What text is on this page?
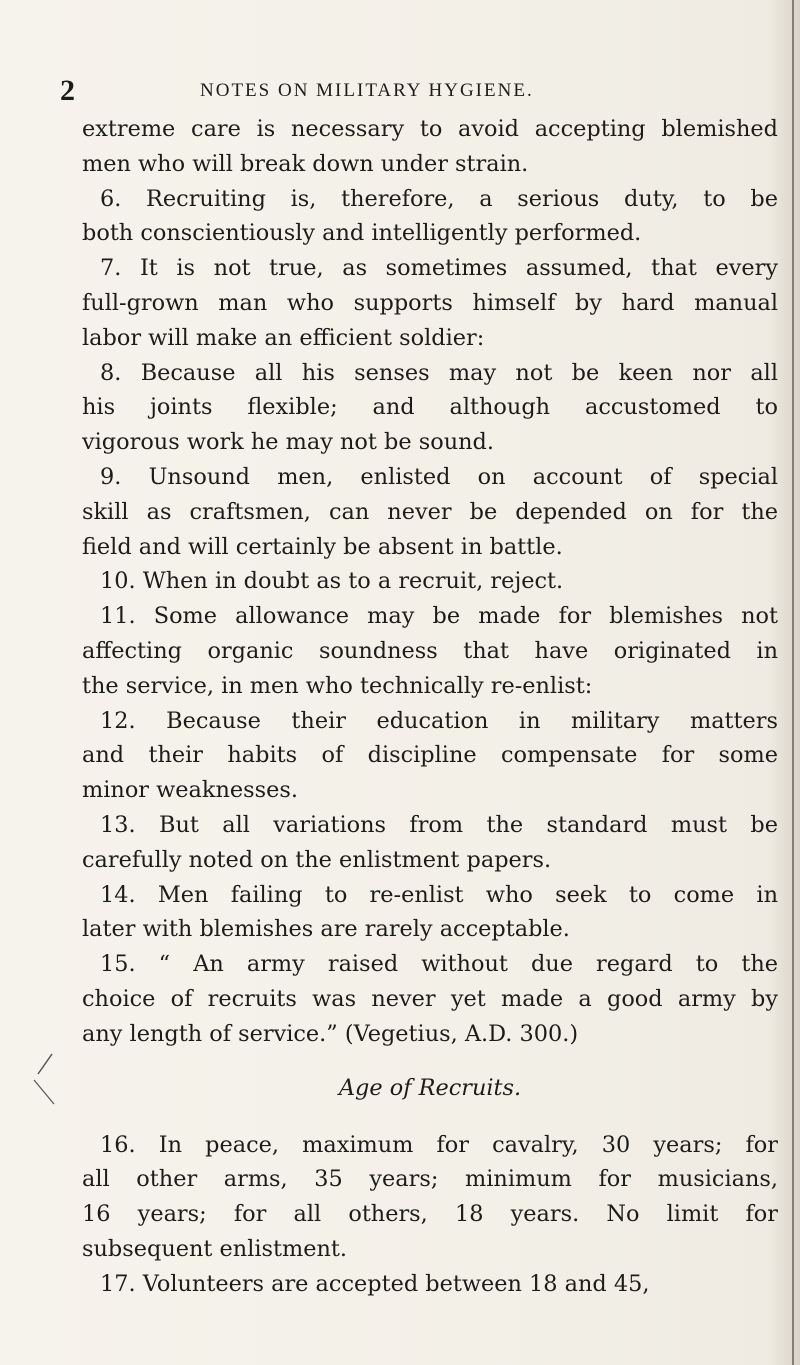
2	NOTES ON MILITARY HYGIENE.
extreme care is necessary to avoid accepting blemished
men who will break down under strain.
6. Recruiting is, therefore, a serious duty, to be
both conscientiously and intelligently performed.
7. It is not true, as sometimes assumed, that every
full-grown man who supports himself by hard manual
labor will make an efficient soldier:
8. Because all his senses may not be keen nor all
his joints flexible; and although accustomed to
vigorous work he may not be sound.
9. Unsound men, enlisted on account of special
skill as craftsmen, can never be depended on for the
field and will certainly be absent in battle.
10. When in doubt as to a recruit, reject.
11. Some allowance may be made for blemishes not
affecting organic soundness that have originated in
the service, in men who technically re-enlist:
12. Because their education in military matters
and their habits of discipline compensate for some
minor weaknesses.
13. But all variations from the standard must be
carefully noted on the enlistment papers.
14. Men failing to re-enlist who seek to come in
later with blemishes are rarely acceptable.
15. “ An army raised without due regard to the
choice of recruits was never yet made a good army by
any length of service.” (Vegetius, A.D. 300.)
Age of Recruits.
16. In peace, maximum for cavalry, 30 years; for
all other arms, 35 years; minimum for musicians,
16 years; for all others, 18 years. No limit for
subsequent enlistment.
17. Volunteers are accepted between 18 and 45,
